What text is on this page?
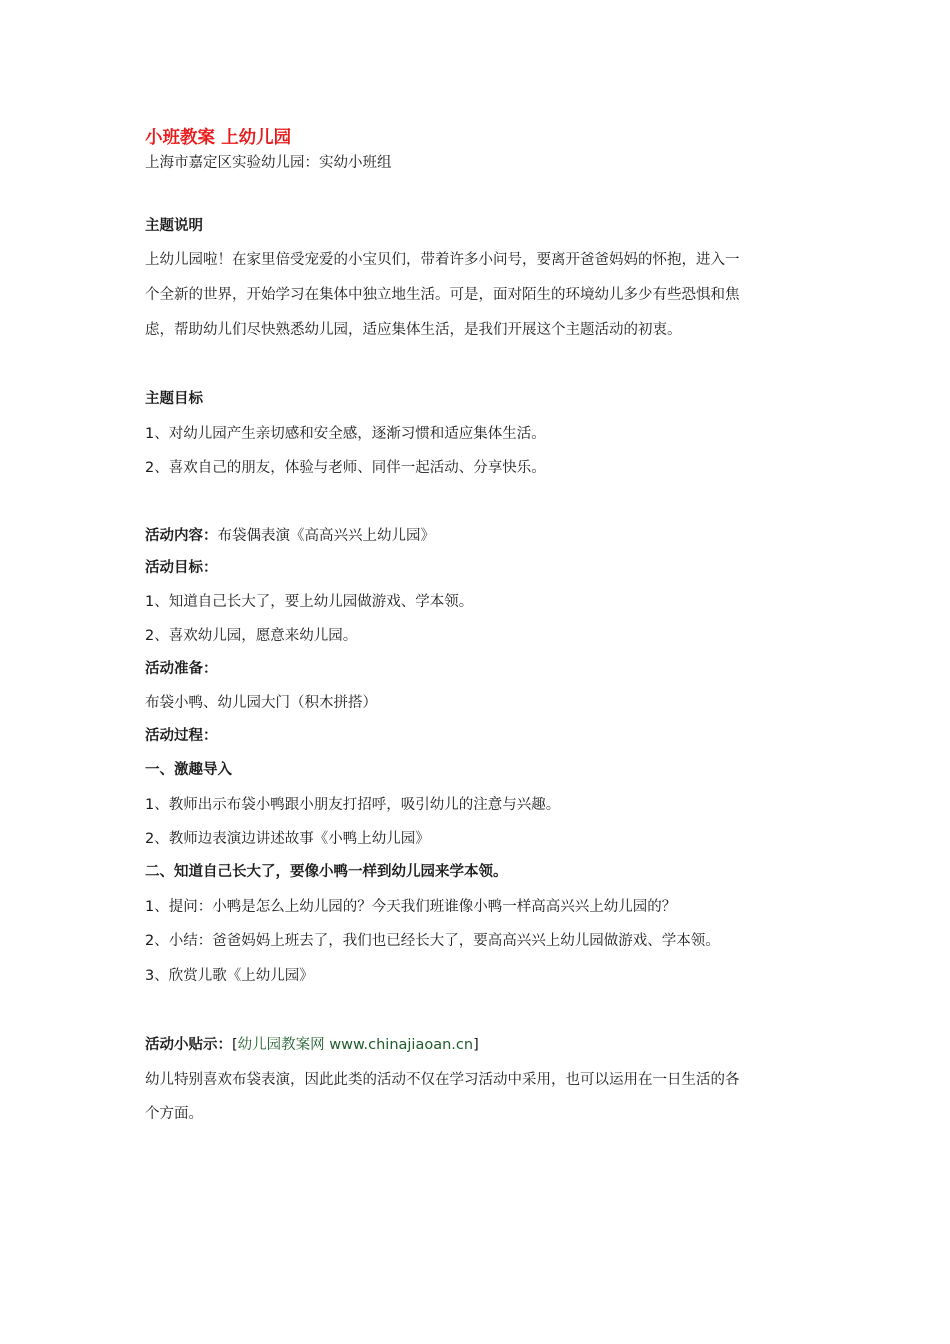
小班教案 上幼儿园
上海市嘉定区实验幼儿园：实幼小班组
主题说明
上幼儿园啦！在家里倍受宠爱的小宝贝们，带着许多小问号，要离开爸爸妈妈的怀抱，进入一
个全新的世界，开始学习在集体中独立地生活。可是，面对陌生的环境幼儿多少有些恐惧和焦
虑，帮助幼儿们尽快熟悉幼儿园，适应集体生活，是我们开展这个主题活动的初衷。
主题目标
1、对幼儿园产生亲切感和安全感，逐渐习惯和适应集体生活。
2、喜欢自己的朋友，体验与老师、同伴一起活动、分享快乐。
活动内容：布袋偶表演《高高兴兴上幼儿园》
活动目标：
1、知道自己长大了，要上幼儿园做游戏、学本领。
2、喜欢幼儿园，愿意来幼儿园。
活动准备：
布袋小鸭、幼儿园大门（积木拼搭）
活动过程：
一、激趣导入
1、教师出示布袋小鸭跟小朋友打招呼，吸引幼儿的注意与兴趣。
2、教师边表演边讲述故事《小鸭上幼儿园》
二、知道自己长大了，要像小鸭一样到幼儿园来学本领。
1、提问：小鸭是怎么上幼儿园的？今天我们班谁像小鸭一样高高兴兴上幼儿园的？
2、小结：爸爸妈妈上班去了，我们也已经长大了，要高高兴兴上幼儿园做游戏、学本领。
3、欣赏儿歌《上幼儿园》
活动小贴示：[幼儿园教案网 www.chinajiaoan.cn]
幼儿特别喜欢布袋表演，因此此类的活动不仅在学习活动中采用，也可以运用在一日生活的各
个方面。
